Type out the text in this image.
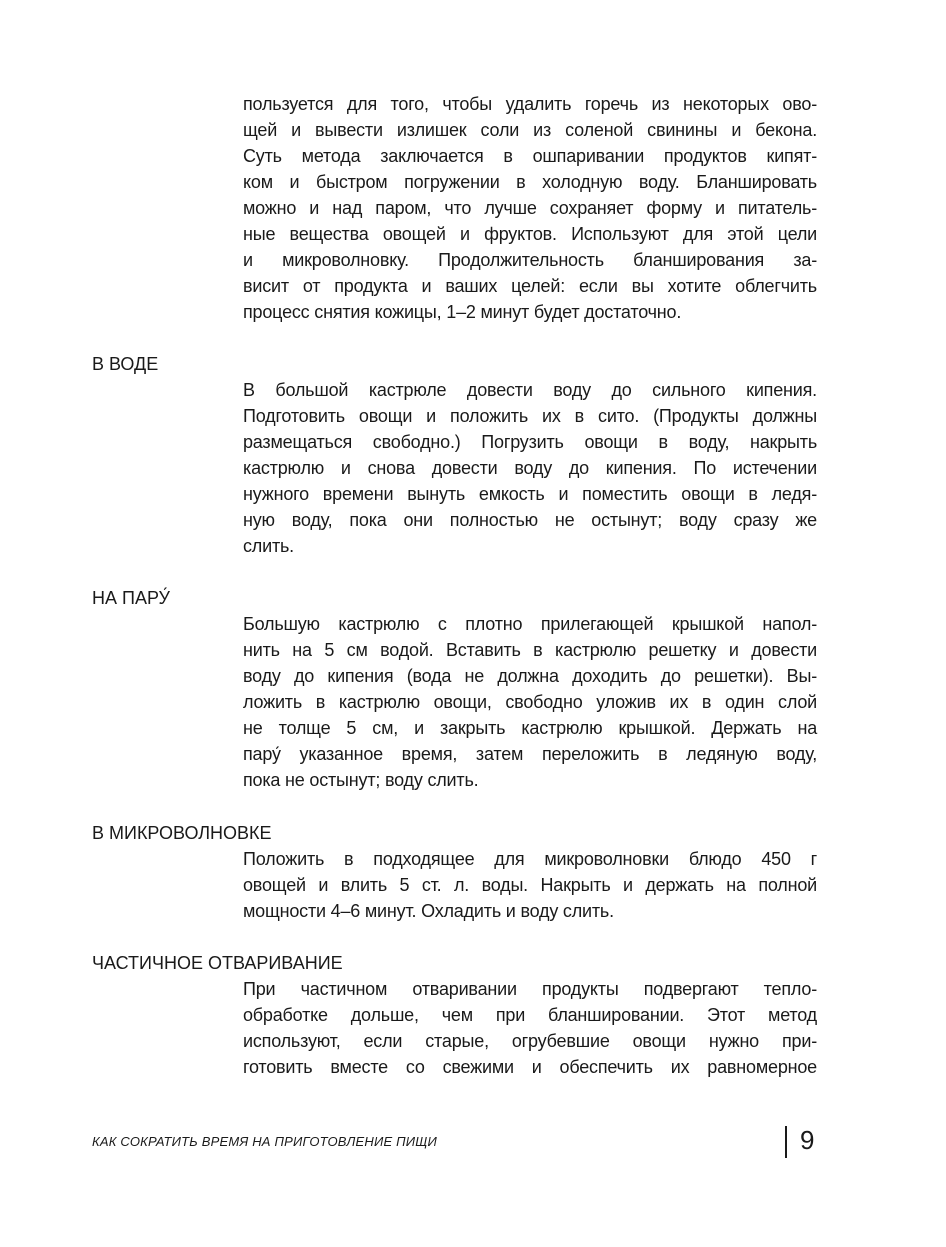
пользуется для того, чтобы удалить горечь из некоторых ово-
щей и вывести излишек соли из соленой свинины и бекона.
Суть метода заключается в ошпаривании продуктов кипят-
ком и быстром погружении в холодную воду. Бланшировать
можно и над паром, что лучше сохраняет форму и питатель-
ные вещества овощей и фруктов. Используют для этой цели
и микроволновку. Продолжительность бланширования за-
висит от продукта и ваших целей: если вы хотите облегчить
процесс снятия кожицы, 1–2 минут будет достаточно.
В ВОДЕ
В большой кастрюле довести воду до сильного кипения.
Подготовить овощи и положить их в сито. (Продукты должны
размещаться свободно.) Погрузить овощи в воду, накрыть
кастрюлю и снова довести воду до кипения. По истечении
нужного времени вынуть емкость и поместить овощи в ледя-
ную воду, пока они полностью не остынут; воду сразу же
слить.
НА ПАРУ́
Большую кастрюлю с плотно прилегающей крышкой напол-
нить на 5 см водой. Вставить в кастрюлю решетку и довести
воду до кипения (вода не должна доходить до решетки). Вы-
ложить в кастрюлю овощи, свободно уложив их в один слой
не толще 5 см, и закрыть кастрюлю крышкой. Держать на
пару́ указанное время, затем переложить в ледяную воду,
пока не остынут; воду слить.
В МИКРОВОЛНОВКЕ
Положить в подходящее для микроволновки блюдо 450 г
овощей и влить 5 ст. л. воды. Накрыть и держать на полной
мощности 4–6 минут. Охладить и воду слить.
ЧАСТИЧНОЕ ОТВАРИВАНИЕ
При частичном отваривании продукты подвергают тепло-
обработке дольше, чем при бланшировании. Этот метод
используют, если старые, огрубевшие овощи нужно при-
готовить вместе со свежими и обеспечить их равномерное
КАК СОКРАТИТЬ ВРЕМЯ НА ПРИГОТОВЛЕНИЕ ПИЩИ	9
